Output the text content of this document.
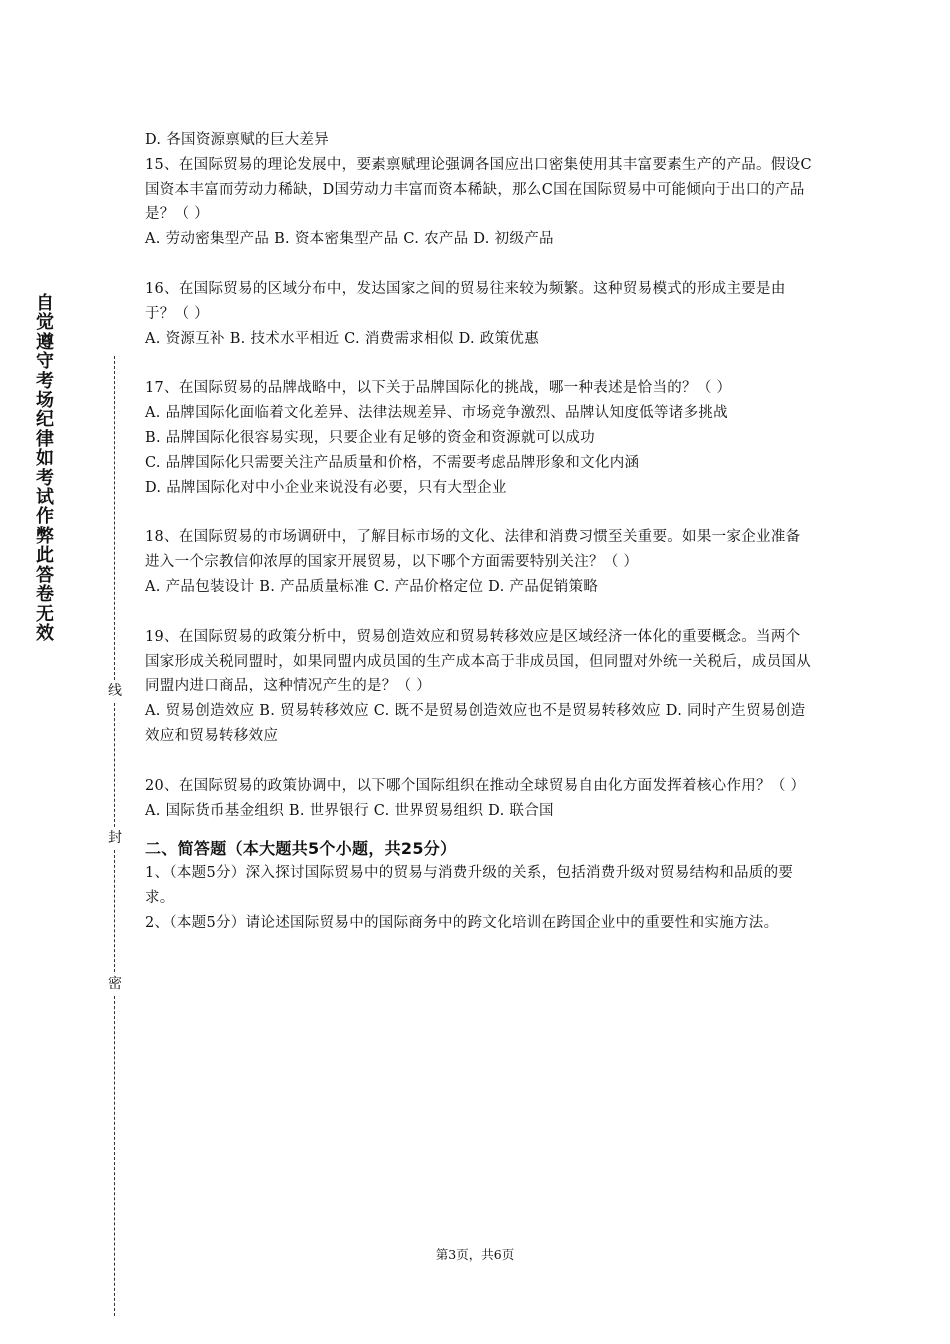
自觉遵守考场纪律如考试作弊此答卷无效
线
封
密

D. 各国资源禀赋的巨大差异

15、在国际贸易的理论发展中，要素禀赋理论强调各国应出口密集使用其丰富要素生产的产品。假设C国资本丰富而劳动力稀缺，D国劳动力丰富而资本稀缺，那么C国在国际贸易中可能倾向于出口的产品是？（ ）

A. 劳动密集型产品 B. 资本密集型产品 C. 农产品 D. 初级产品

16、在国际贸易的区域分布中，发达国家之间的贸易往来较为频繁。这种贸易模式的形成主要是由于？（ ）

A. 资源互补 B. 技术水平相近 C. 消费需求相似 D. 政策优惠

17、在国际贸易的品牌战略中，以下关于品牌国际化的挑战，哪一种表述是恰当的？（ ）

A. 品牌国际化面临着文化差异、法律法规差异、市场竞争激烈、品牌认知度低等诸多挑战

B. 品牌国际化很容易实现，只要企业有足够的资金和资源就可以成功

C. 品牌国际化只需要关注产品质量和价格，不需要考虑品牌形象和文化内涵

D. 品牌国际化对中小企业来说没有必要，只有大型企业

18、在国际贸易的市场调研中，了解目标市场的文化、法律和消费习惯至关重要。如果一家企业准备进入一个宗教信仰浓厚的国家开展贸易，以下哪个方面需要特别关注？（ ）

A. 产品包装设计 B. 产品质量标准 C. 产品价格定位 D. 产品促销策略

19、在国际贸易的政策分析中，贸易创造效应和贸易转移效应是区域经济一体化的重要概念。当两个国家形成关税同盟时，如果同盟内成员国的生产成本高于非成员国，但同盟对外统一关税后，成员国从同盟内进口商品，这种情况产生的是？（ ）

A. 贸易创造效应 B. 贸易转移效应 C. 既不是贸易创造效应也不是贸易转移效应 D. 同时产生贸易创造效应和贸易转移效应

20、在国际贸易的政策协调中，以下哪个国际组织在推动全球贸易自由化方面发挥着核心作用？（ ）

A. 国际货币基金组织 B. 世界银行 C. 世界贸易组织 D. 联合国

二、简答题（本大题共5个小题，共25分）

1、（本题5分）深入探讨国际贸易中的贸易与消费升级的关系，包括消费升级对贸易结构和品质的要求。

2、（本题5分）请论述国际贸易中的国际商务中的跨文化培训在跨国企业中的重要性和实施方法。

第3页，共6页
